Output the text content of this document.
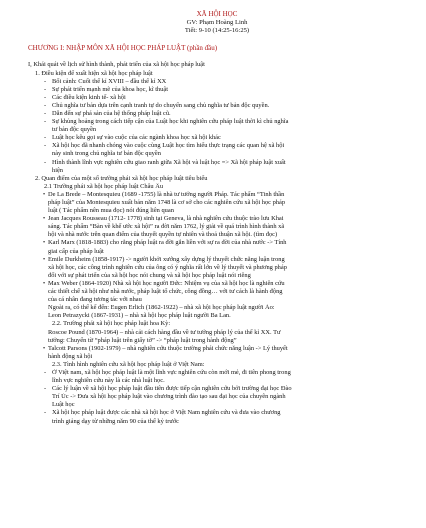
XÃ HỘI HỌC
GV: Phạm Hoàng Linh
Tiết: 9-10 (14:25-16:25)
CHƯƠNG I: NHẬP MÔN XÃ HỘI HỌC PHÁP LUẬT (phần đầu)
I, Khái quát về lịch sử hình thành, phát triển của xã hội học pháp luật
1. Điều kiện để xuất hiện xã hội học pháp luật
- Bối cảnh: Cuối thế kỉ XVIII – đầu thế kỉ XX
- Sự phát triển mạnh mẽ của khoa học, kĩ thuật
- Các điều kiện kinh tế- xã hội
- Chủ nghĩa tư bản dựa trên cạnh tranh tự do chuyển sang chủ nghĩa tư bản độc quyền.
- Dẫn đến sự phá sản của hệ thống pháp luật cũ.
- Sự khủng hoảng trong cách tiếp cận của Luật học khi nghiên cứu pháp luật thời kì chủ nghĩa
tư bản độc quyền
- Luật học kêu gọi sự vào cuộc của các ngành khoa học xã hội khác
- Xã hội học đã nhanh chóng vào cuộc cùng Luật học tìm hiểu thực trạng các quan hệ xã hội
này sinh trong chủ nghĩa tư bản độc quyền
- Hình thành lĩnh vực nghiên cứu giao ranh giữa Xã hội và luật học => Xã hội pháp luật xuất
hiện
2. Quan điểm của một số trường phái xã hội học pháp luật tiêu biểu
2.1 Trường phái xã hội học pháp luật Châu Âu
• De La Brede – Montesquieu (1689 -1755) là nhà tư tưởng người Pháp. Tác phẩm “Tinh thần
pháp luật” của Montesquieu xuất bản năm 1748 là cơ sở cho các nghiên cứu xã hội học pháp
luật ( Tác phẩm nên mua đọc) nói đúng liên quan
• Jean Jacques Rousseau (1712- 1778) sinh tại Geneva, là nhà nghiên cứu thuộc trào lưu Khai
sáng. Tác phẩm “Bàn về khế ước xã hội” ra đời năm 1762, lý giải về quá trình hình thành xã
hội và nhà nước trên quan điểm của thuyết quyền tự nhiên và thoả thuận xã hội. (tìm đọc)
• Karl Marx (1818-1883) cho rằng pháp luật ra đời gắn liền với sự ra đời của nhà nước -> Tính
giai cấp của pháp luật
• Emile Durkheim (1858-1917) -> người khởi xướng xây dựng lý thuyết chức năng luận trong
xã hội học, các công trình nghiên cứu của ông có ý nghĩa rất lớn về lý thuyết và phương pháp
đối với sự phát triển của xã hội học nói chung và xã hội học pháp luật nói riêng
• Max Weber (1864-1920) Nhà xã hội học người Đức: Nhiệm vụ của xã hội học là nghiên cứu
các thiết chế xã hội như nhà nước, pháp luật tổ chức, công đồng… với tư cách là hành động
của cá nhân đang tương tác với nhau
Ngoài ra, có thể kể đến: Eugen Erlich (1862-1922) – nhà xã hội học pháp luật người Áo:
Leon Petrazycki (1867-1931) – nhà xã hội học pháp luật người Ba Lan.
2.2. Trường phái xã hội học pháp luật hoa Kỳ:
Roscoe Pound (1870-1964) – nhà cải cách hàng đầu về tư tưởng pháp lý của thế kỉ XX. Tư
tưởng: Chuyển từ “pháp luật trên giấy tờ” -> “pháp luật trong hành động”
• Talcott Parsons (1902-1979) – nhà nghiên cứu thuộc trường phái chức năng luận -> Lý thuyết
hành động xã hội
2.3. Tình hình nghiên cứu xã hội học pháp luật ở Việt Nam:
- Ở Việt nam, xã hội học pháp luật là một lĩnh vực nghiên cứu còn mới mẻ, đi tiên phong trong
lĩnh vực nghiên cứu này là các nhà luật học.
- Các lý luận về xã hội học pháp luật đầu tiên được tiếp cận nghiên cứu bởi trường đại học Đào
Trí Úc -> Đưa xã hội học pháp luật vào chương trình đào tạo sau đại học của chuyên ngành
Luật học
- Xã hội học pháp luật được các nhà xã hội học ở Việt Nam nghiên cứu và đưa vào chương
trình giảng dạy từ những năm 90 của thế kỷ trước
